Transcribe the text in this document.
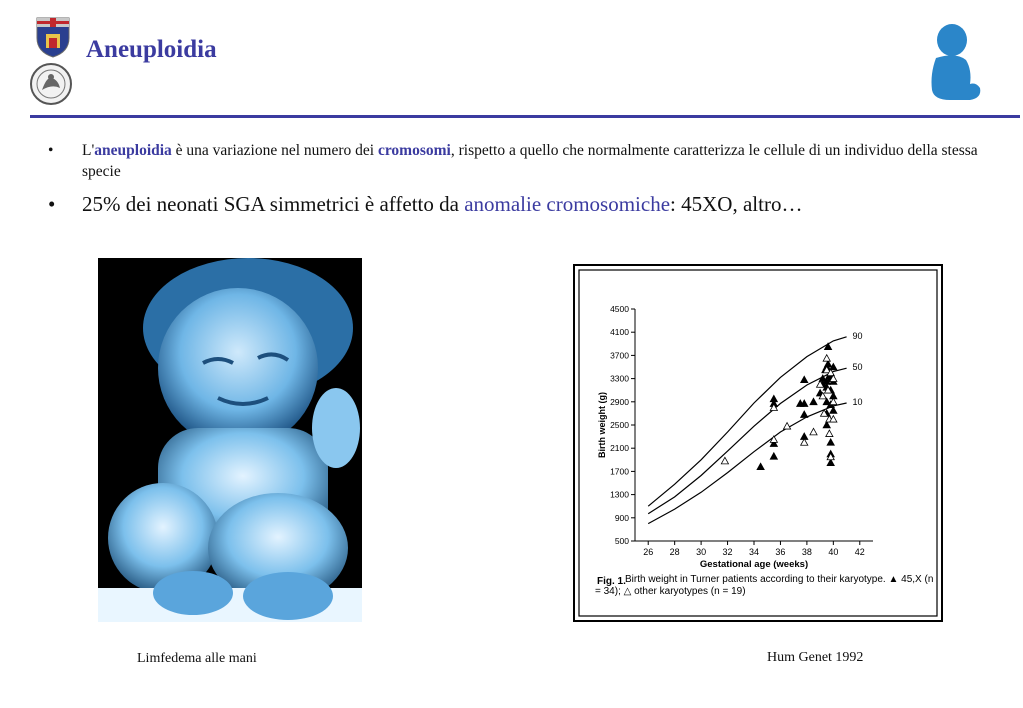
Aneuploidia
• L'aneuploidia è una variazione nel numero dei cromosomi, rispetto a quello che normalmente caratterizza le cellule di un individuo della stessa specie
• 25% dei neonati SGA simmetrici è affetto da anomalie cromosomiche: 45XO, altro…
Limfedema alle mani
500
900
1300
1700
2100
2500
2900
3300
3700
4100
4500
26 28 30 32 34 36 38 40 42
90
50
10
Gestational age (weeks)
Birth weight (g)
Fig. 1. Birth weight in Turner patients according to their karyotype. ▲ 45,X (n = 34); △ other karyotypes (n = 19)
Hum Genet 1992
